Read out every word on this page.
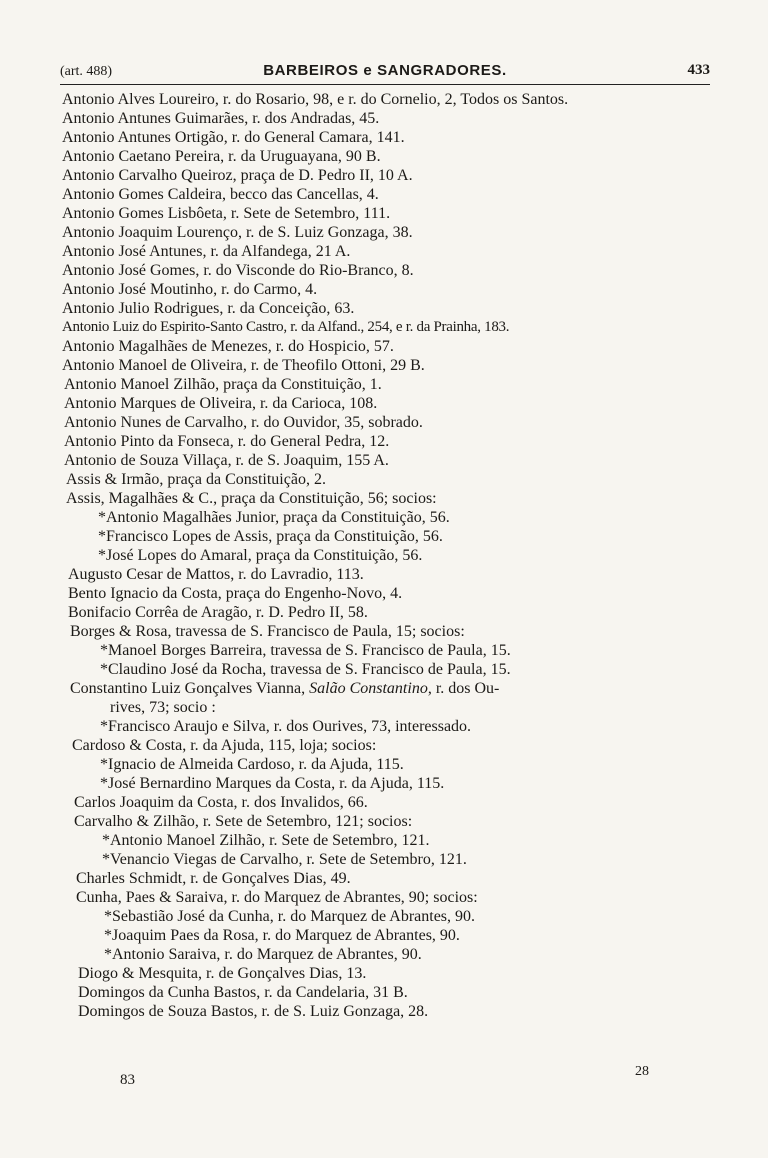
(art. 488)	BARBEIROS e SANGRADORES.	433
Antonio Alves Loureiro, r. do Rosario, 98, e r. do Cornelio, 2, Todos os Santos.
Antonio Antunes Guimarães, r. dos Andradas, 45.
Antonio Antunes Ortigão, r. do General Camara, 141.
Antonio Caetano Pereira, r. da Uruguayana, 90 B.
Antonio Carvalho Queiroz, praça de D. Pedro II, 10 A.
Antonio Gomes Caldeira, becco das Cancellas, 4.
Antonio Gomes Lisbôeta, r. Sete de Setembro, 111.
Antonio Joaquim Lourenço, r. de S. Luiz Gonzaga, 38.
Antonio José Antunes, r. da Alfandega, 21 A.
Antonio José Gomes, r. do Visconde do Rio-Branco, 8.
Antonio José Moutinho, r. do Carmo, 4.
Antonio Julio Rodrigues, r. da Conceição, 63.
Antonio Luiz do Espirito-Santo Castro, r. da Alfand., 254, e r. da Prainha, 183.
Antonio Magalhães de Menezes, r. do Hospicio, 57.
Antonio Manoel de Oliveira, r. de Theofilo Ottoni, 29 B.
Antonio Manoel Zilhão, praça da Constituição, 1.
Antonio Marques de Oliveira, r. da Carioca, 108.
Antonio Nunes de Carvalho, r. do Ouvidor, 35, sobrado.
Antonio Pinto da Fonseca, r. do General Pedra, 12.
Antonio de Souza Villaça, r. de S. Joaquim, 155 A.
Assis & Irmão, praça da Constituição, 2.
Assis, Magalhães & C., praça da Constituição, 56; socios:
*Antonio Magalhães Junior, praça da Constituição, 56.
*Francisco Lopes de Assis, praça da Constituição, 56.
*José Lopes do Amaral, praça da Constituição, 56.
Augusto Cesar de Mattos, r. do Lavradio, 113.
Bento Ignacio da Costa, praça do Engenho-Novo, 4.
Bonifacio Corrêa de Aragão, r. D. Pedro II, 58.
Borges & Rosa, travessa de S. Francisco de Paula, 15; socios:
*Manoel Borges Barreira, travessa de S. Francisco de Paula, 15.
*Claudino José da Rocha, travessa de S. Francisco de Paula, 15.
Constantino Luiz Gonçalves Vianna, Salão Constantino, r. dos Ou-
rives, 73; socio :
*Francisco Araujo e Silva, r. dos Ourives, 73, interessado.
Cardoso & Costa, r. da Ajuda, 115, loja; socios:
*Ignacio de Almeida Cardoso, r. da Ajuda, 115.
*José Bernardino Marques da Costa, r. da Ajuda, 115.
Carlos Joaquim da Costa, r. dos Invalidos, 66.
Carvalho & Zilhão, r. Sete de Setembro, 121; socios:
*Antonio Manoel Zilhão, r. Sete de Setembro, 121.
*Venancio Viegas de Carvalho, r. Sete de Setembro, 121.
Charles Schmidt, r. de Gonçalves Dias, 49.
Cunha, Paes & Saraiva, r. do Marquez de Abrantes, 90; socios:
*Sebastião José da Cunha, r. do Marquez de Abrantes, 90.
*Joaquim Paes da Rosa, r. do Marquez de Abrantes, 90.
*Antonio Saraiva, r. do Marquez de Abrantes, 90.
Diogo & Mesquita, r. de Gonçalves Dias, 13.
Domingos da Cunha Bastos, r. da Candelaria, 31 B.
Domingos de Souza Bastos, r. de S. Luiz Gonzaga, 28.
83
28
